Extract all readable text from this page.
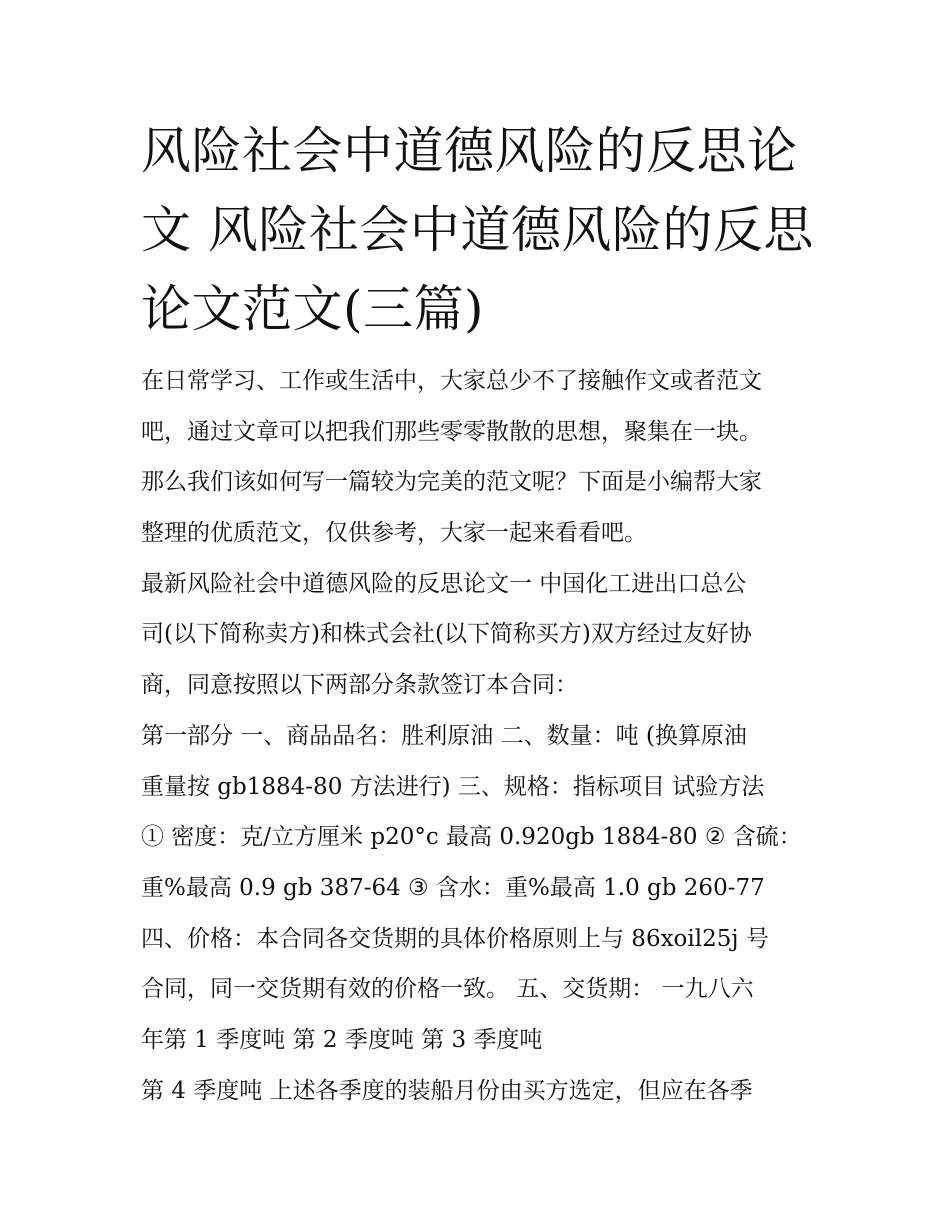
风险社会中道德风险的反思论
文 风险社会中道德风险的反思
论文范文(三篇)
在日常学习、工作或生活中，大家总少不了接触作文或者范文
吧，通过文章可以把我们那些零零散散的思想，聚集在一块。
那么我们该如何写一篇较为完美的范文呢？下面是小编帮大家
整理的优质范文，仅供参考，大家一起来看看吧。
最新风险社会中道德风险的反思论文一 中国化工进出口总公
司(以下简称卖方)和株式会社(以下简称买方)双方经过友好协
商，同意按照以下两部分条款签订本合同：
第一部分 一、商品品名：胜利原油 二、数量：吨 (换算原油
重量按 gb1884-80 方法进行) 三、规格：指标项目 试验方法
① 密度：克/立方厘米 p20°c 最高 0.920gb 1884-80 ② 含硫：
重%最高 0.9 gb 387-64 ③ 含水：重%最高 1.0 gb 260-77
四、价格：本合同各交货期的具体价格原则上与 86xoil25j 号
合同，同一交货期有效的价格一致。 五、交货期： 一九八六
年第 1 季度吨 第 2 季度吨 第 3 季度吨
第 4 季度吨 上述各季度的装船月份由买方选定，但应在各季
